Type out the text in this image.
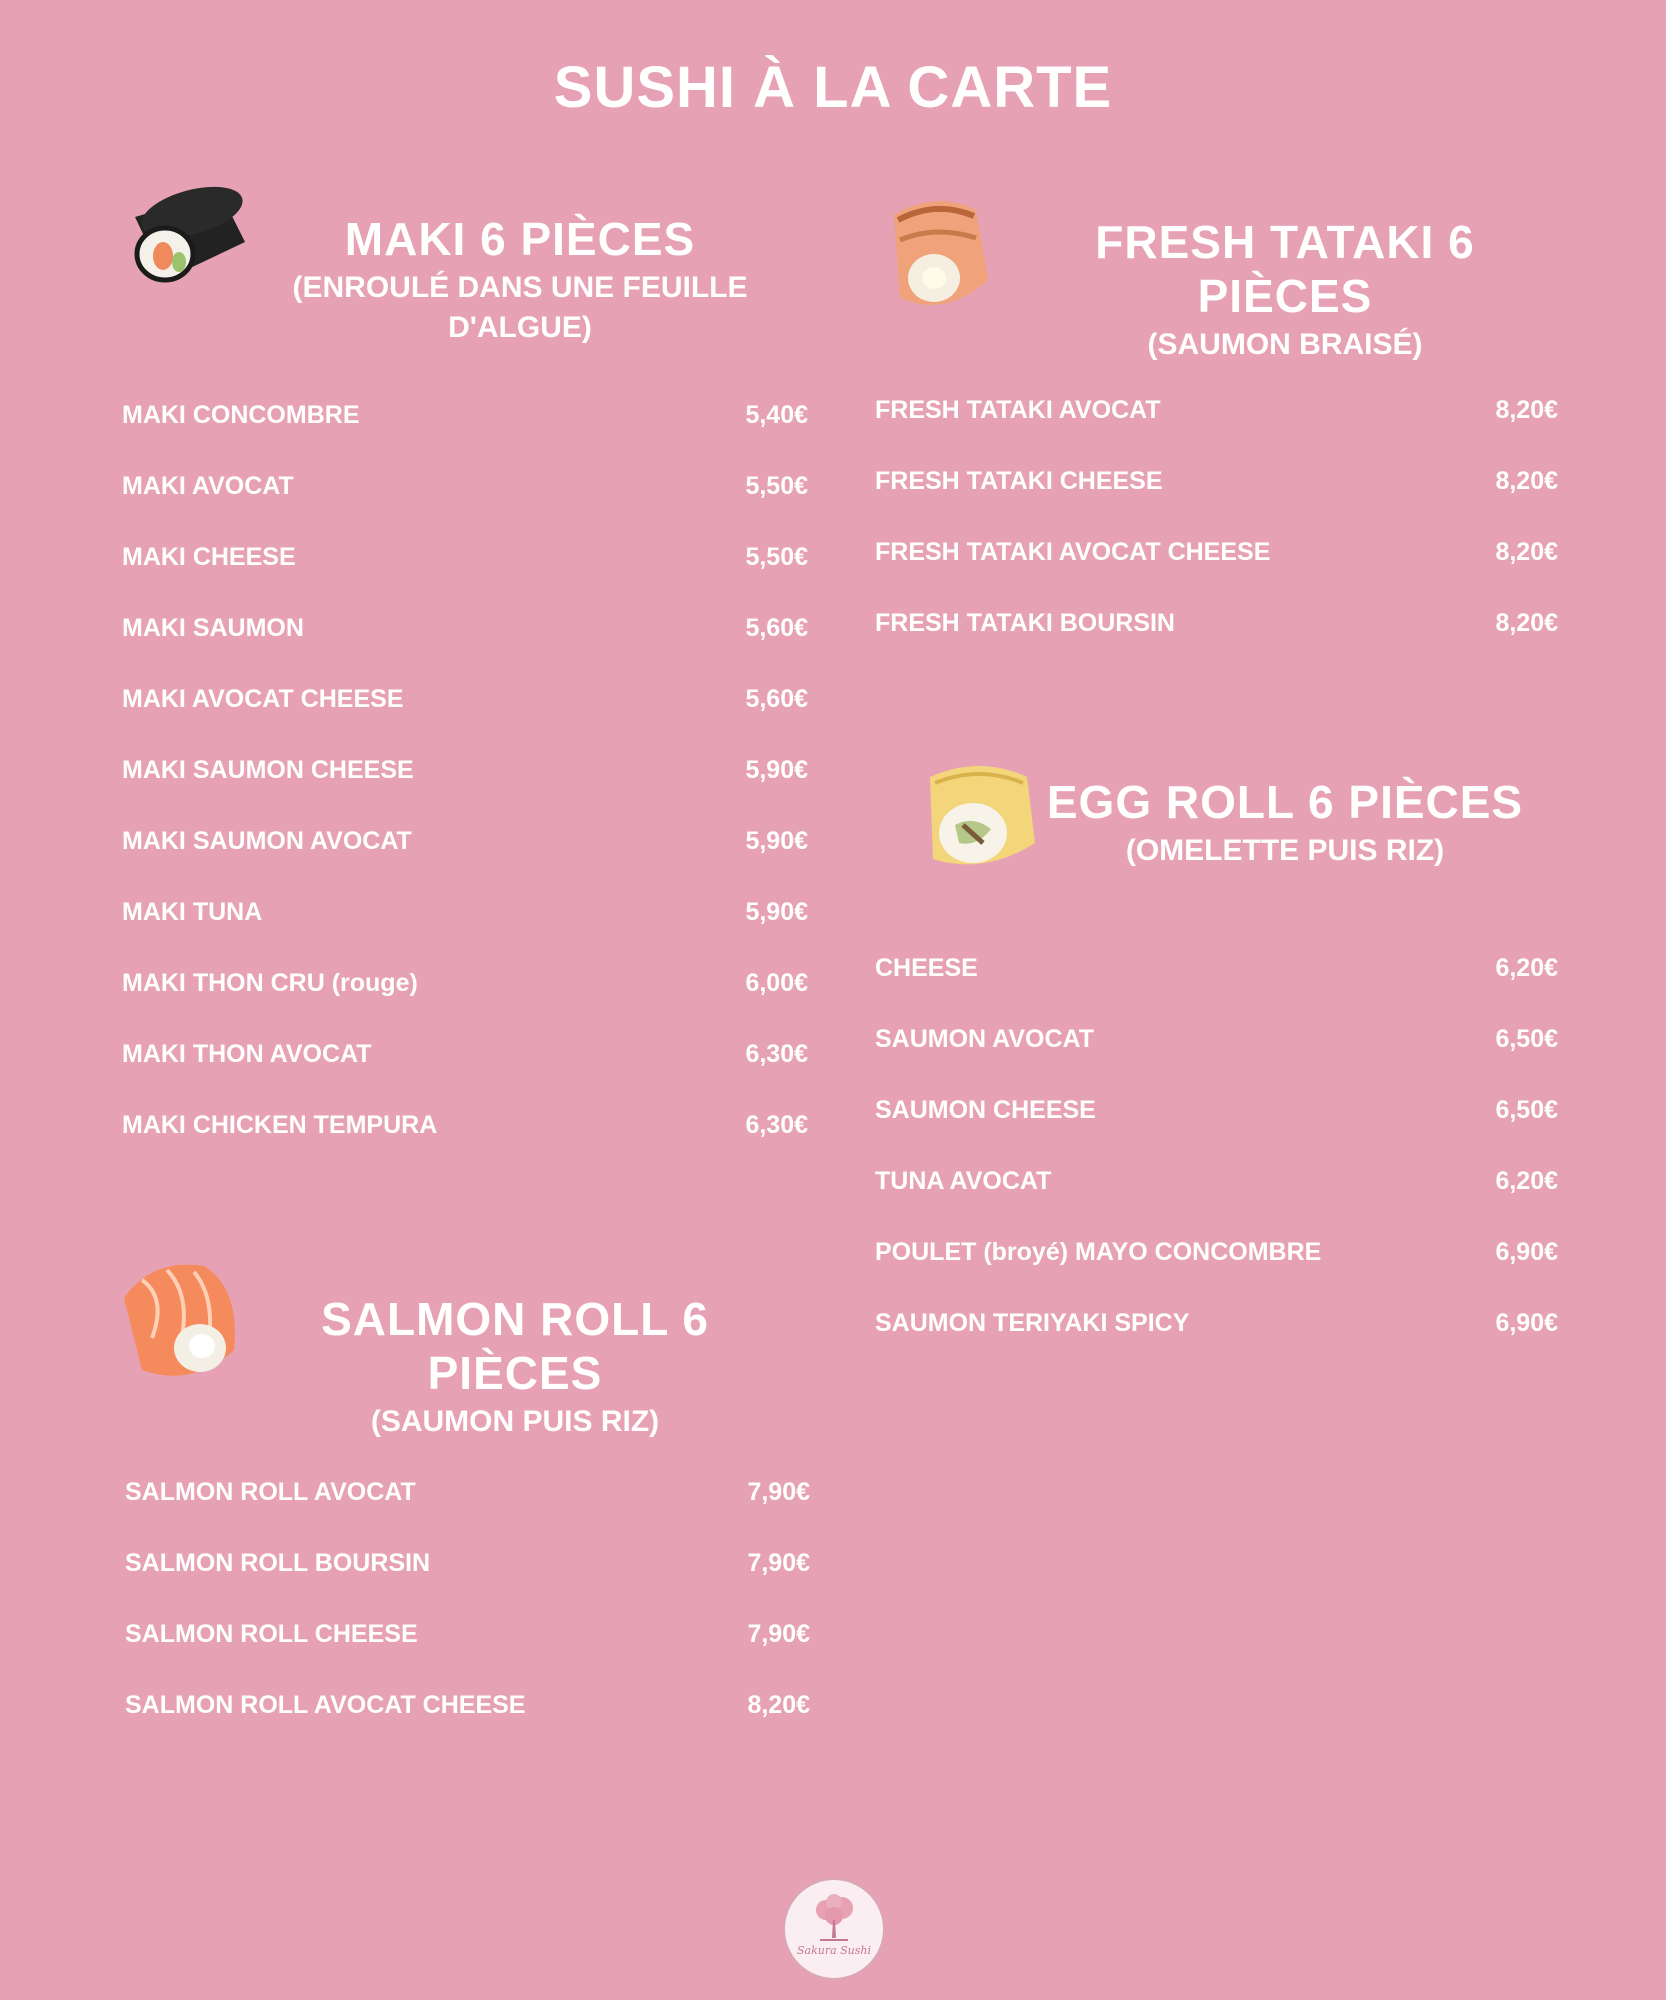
SUSHI À LA CARTE
MAKI 6 PIÈCES
(ENROULÉ DANS UNE FEUILLE D'ALGUE)
MAKI CONCOMBRE	5,40€
MAKI AVOCAT	5,50€
MAKI CHEESE	5,50€
MAKI SAUMON	5,60€
MAKI AVOCAT CHEESE	5,60€
MAKI SAUMON CHEESE	5,90€
MAKI SAUMON AVOCAT	5,90€
MAKI TUNA	5,90€
MAKI THON CRU (rouge)	6,00€
MAKI THON AVOCAT	6,30€
MAKI CHICKEN TEMPURA	6,30€
FRESH TATAKI 6 PIÈCES
(SAUMON BRAISÉ)
FRESH TATAKI AVOCAT	8,20€
FRESH TATAKI CHEESE	8,20€
FRESH TATAKI AVOCAT CHEESE	8,20€
FRESH TATAKI BOURSIN	8,20€
EGG ROLL 6 PIÈCES
(OMELETTE PUIS RIZ)
CHEESE	6,20€
SAUMON AVOCAT	6,50€
SAUMON CHEESE	6,50€
TUNA AVOCAT	6,20€
POULET (broyé) MAYO CONCOMBRE	6,90€
SAUMON TERIYAKI SPICY	6,90€
SALMON ROLL 6 PIÈCES
(SAUMON PUIS RIZ)
SALMON ROLL AVOCAT	7,90€
SALMON ROLL BOURSIN	7,90€
SALMON ROLL CHEESE	7,90€
SALMON ROLL AVOCAT CHEESE	8,20€
Sakura Sushi
